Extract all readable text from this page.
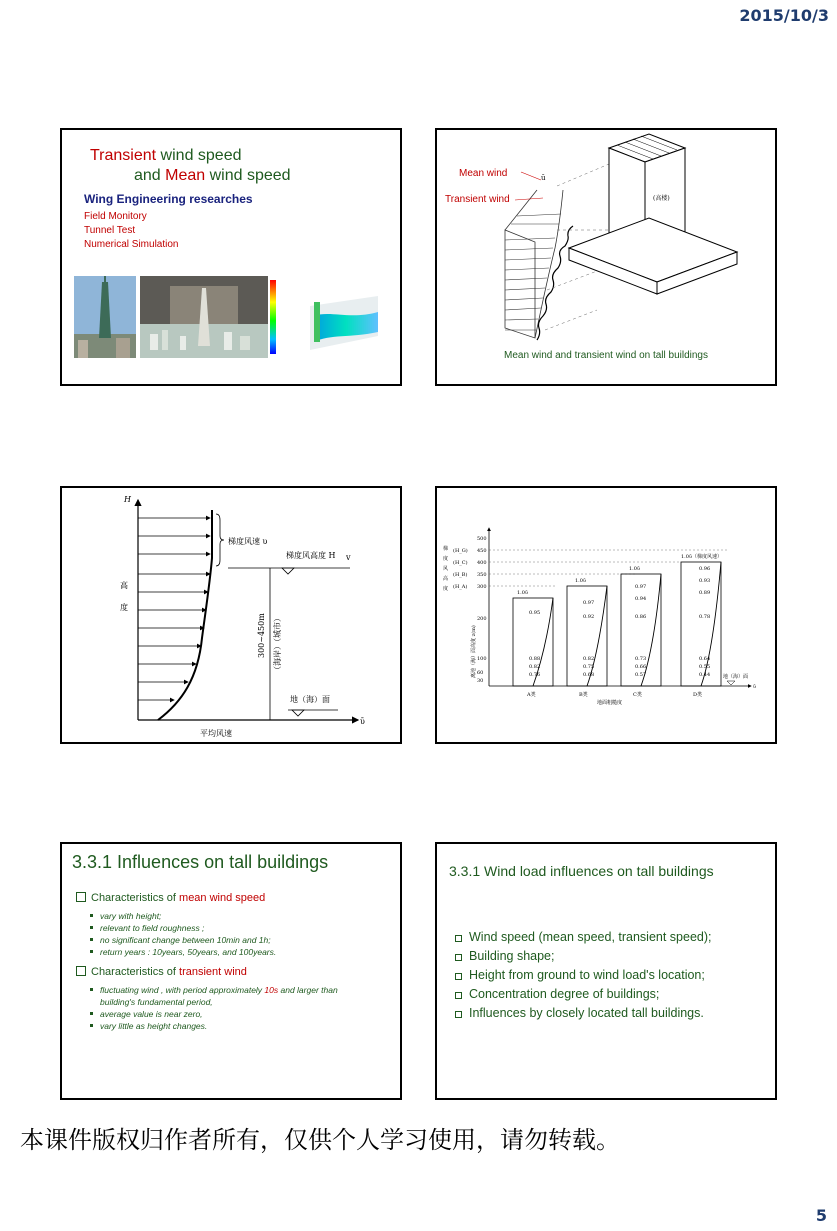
2015/10/3
Transient wind speed
and Mean wind speed
Wing Engineering researches
Field Monitory
Tunnel Test
Numerical Simulation
Mean wind
Transient wind
ū
(高楼)
Mean wind and transient wind on tall buildings
H
ῡ
高
度
梯度风速 υ
梯度风高度 H v
300~450m （海岸）（城市）
地（海）面
平均风速
ῡ
500
450
400
350
300
200
100
60
30
1.0ῡ
1.0ῡ
1.0ῡ
1.0ῡ（梯度风速）
0.95
0.88
0.82
0.76
0.97
0.92
0.82
0.75
0.68
0.97
0.94
0.86
0.73
0.66
0.57
0.96
0.93
0.89
0.78
0.64
0.55
0.44
A类	B类	C类	D类
地面粗糙度
地（海）面
离地（海）面高度 z(m)
(H_G)
(H_C)
(H_B)
(H_A)
梯
度
风
高
度
3.3.1 Influences on tall buildings
Characteristics of mean wind speed
vary with height;
relevant to field roughness ;
no significant change between 10min and 1h;
return years : 10years, 50years, and 100years.
Characteristics of transient wind
fluctuating wind , with period approximately 10s and larger than building's fundamental period,
average value is near zero,
vary little as height changes.
3.3.1 Wind load influences on tall buildings
Wind speed (mean speed, transient speed);
Building shape;
Height from ground to wind load's location;
Concentration degree of buildings;
Influences by closely located tall buildings.
本课件版权归作者所有，仅供个人学习使用，请勿转载。
5
